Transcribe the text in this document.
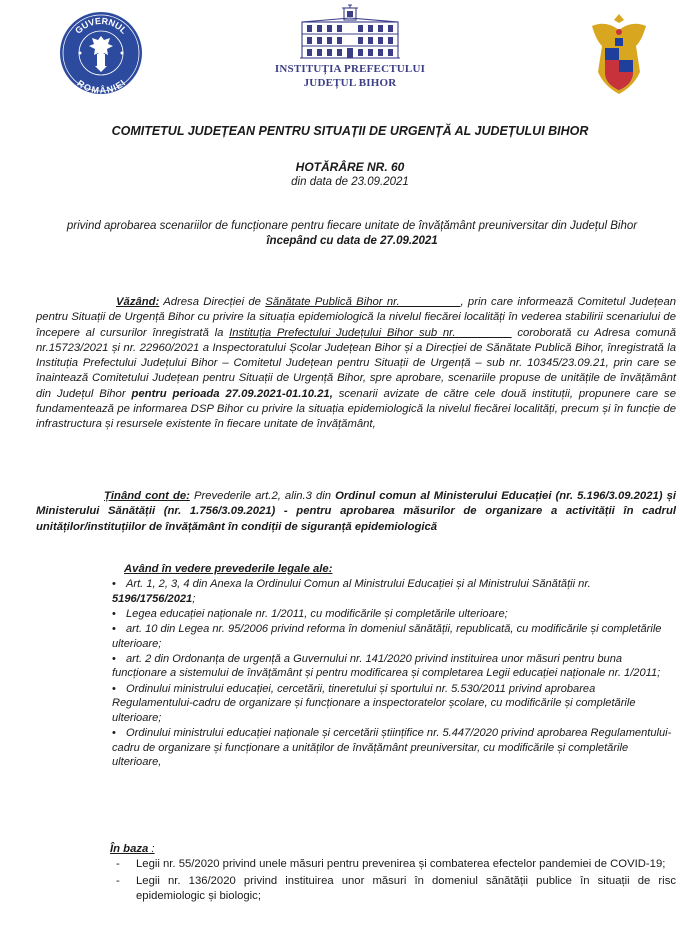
GUVERNUL
ROMÂNIEI
INSTITUȚIA PREFECTULUI
JUDEȚUL BIHOR
COMITETUL JUDEȚEAN PENTRU SITUAȚII DE URGENȚĂ AL JUDEȚULUI BIHOR
HOTĂRÂRE NR. 60
din data de 23.09.2021
privind aprobarea scenariilor de funcționare pentru fiecare unitate de învățământ preuniversitar din Județul Bihor
începând cu data de 27.09.2021
Văzând: Adresa Direcției de Sănătate Publică Bihor nr. _________, prin care informează Comitetul Județean pentru Situații de Urgență Bihor cu privire la situația epidemiologică la nivelul fiecărei localități în vederea stabilirii scenariului de începere al cursurilor înregistrată la Instituția Prefectului Județului Bihor sub nr. ________ coroborată cu Adresa comună nr.15723/2021 și nr. 22960/2021 a Inspectoratului Școlar Județean Bihor și a Direcției de Sănătate Publică Bihor, înregistrată la Instituția Prefectului Județului Bihor – Comitetul Județean pentru Situații de Urgență – sub nr. 10345/23.09.21, prin care se înaintează Comitetului Județean pentru Situații de Urgență Bihor, spre aprobare, scenariile propuse de unitățile de învățământ din Județul Bihor pentru perioada 27.09.2021-01.10.21, scenarii avizate de către cele două instituții, propunere care se fundamentează pe informarea DSP Bihor cu privire la situația epidemiologică la nivelul fiecărei localități, precum și în funcție de infrastructura și resursele existente în fiecare unitate de învățământ,
Ținând cont de: Prevederile art.2, alin.3 din Ordinul comun al Ministerului Educației (nr. 5.196/3.09.2021) și Ministerului Sănătății (nr. 1.756/3.09.2021) - pentru aprobarea măsurilor de organizare a activității în cadrul unităților/instituțiilor de învățământ în condiții de siguranță epidemiologică
Având în vedere prevederile legale ale:
• Art. 1, 2, 3, 4 din Anexa la Ordinului Comun al Ministrului Educației și al Ministrului Sănătății nr. 5196/1756/2021;
• Legea educației naționale nr. 1/2011, cu modificările și completările ulterioare;
• art. 10 din Legea nr. 95/2006 privind reforma în domeniul sănătății, republicată, cu modificările și completările ulterioare;
• art. 2 din Ordonanța de urgență a Guvernului nr. 141/2020 privind instituirea unor măsuri pentru buna funcționare a sistemului de învățământ și pentru modificarea și completarea Legii educației naționale nr. 1/2011;
• Ordinului ministrului educației, cercetării, tineretului și sportului nr. 5.530/2011 privind aprobarea Regulamentului-cadru de organizare și funcționare a inspectoratelor școlare, cu modificările și completările ulterioare;
• Ordinului ministrului educației naționale și cercetării științifice nr. 5.447/2020 privind aprobarea Regulamentului-cadru de organizare și funcționare a unităților de învățământ preuniversitar, cu modificările și completările ulterioare,
În baza :
- Legii nr. 55/2020 privind unele măsuri pentru prevenirea și combaterea efectelor pandemiei de COVID-19;
- Legii nr. 136/2020 privind instituirea unor măsuri în domeniul sănătății publice în situații de risc epidemiologic și biologic;
